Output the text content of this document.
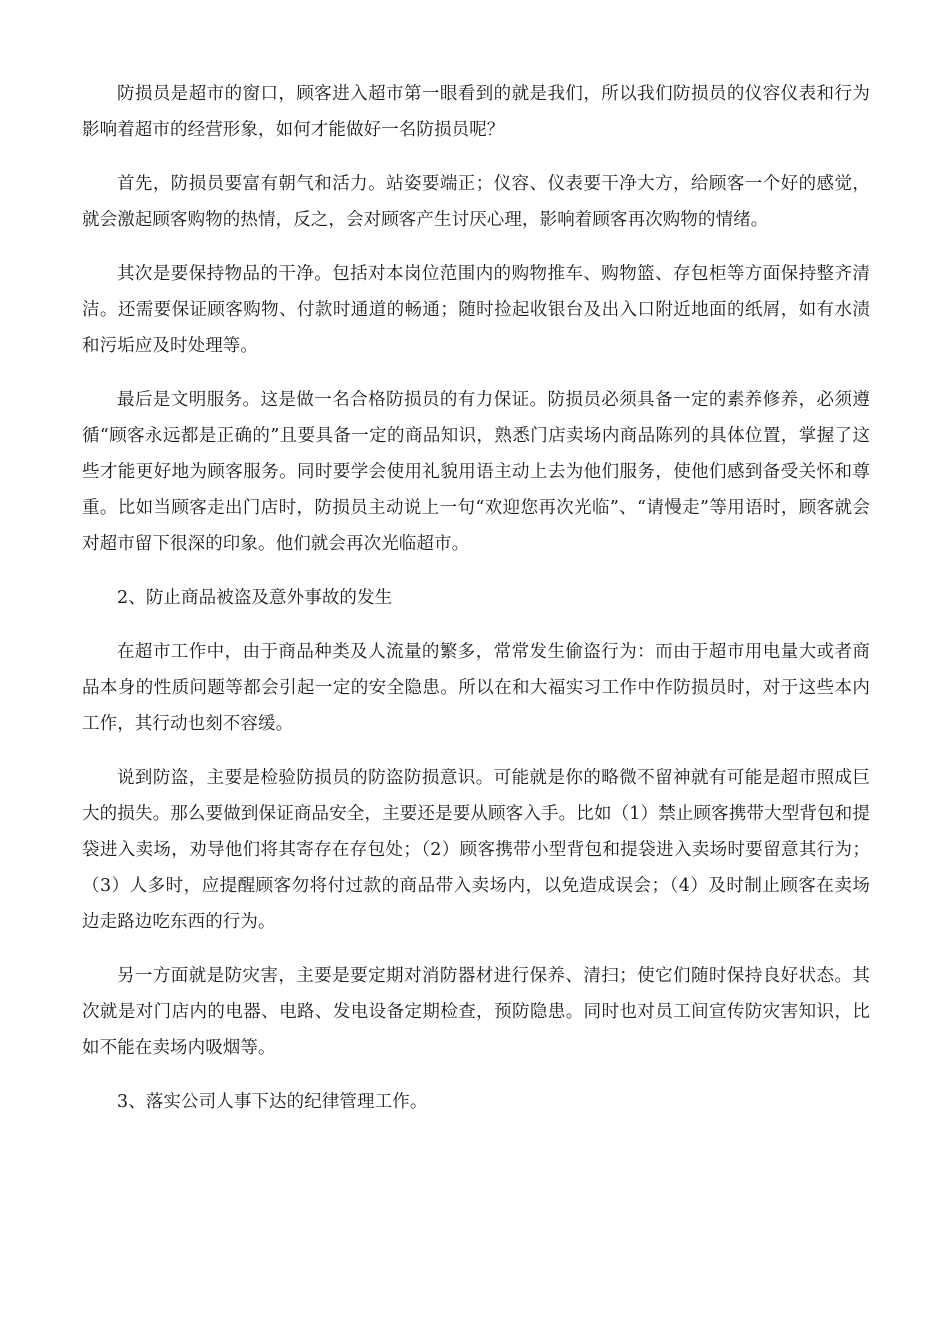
防损员是超市的窗口，顾客进入超市第一眼看到的就是我们，所以我们防损员的仪容仪表和行为影响着超市的经营形象，如何才能做好一名防损员呢？

首先，防损员要富有朝气和活力。站姿要端正；仪容、仪表要干净大方，给顾客一个好的感觉，就会激起顾客购物的热情，反之，会对顾客产生讨厌心理，影响着顾客再次购物的情绪。

其次是要保持物品的干净。包括对本岗位范围内的购物推车、购物篮、存包柜等方面保持整齐清洁。还需要保证顾客购物、付款时通道的畅通；随时捡起收银台及出入口附近地面的纸屑，如有水渍和污垢应及时处理等。

最后是文明服务。这是做一名合格防损员的有力保证。防损员必须具备一定的素养修养，必须遵循“顾客永远都是正确的”且要具备一定的商品知识，熟悉门店卖场内商品陈列的具体位置，掌握了这些才能更好地为顾客服务。同时要学会使用礼貌用语主动上去为他们服务，使他们感到备受关怀和尊重。比如当顾客走出门店时，防损员主动说上一句“欢迎您再次光临”、“请慢走”等用语时，顾客就会对超市留下很深的印象。他们就会再次光临超市。

2、防止商品被盗及意外事故的发生

在超市工作中，由于商品种类及人流量的繁多，常常发生偷盗行为：而由于超市用电量大或者商品本身的性质问题等都会引起一定的安全隐患。所以在和大福实习工作中作防损员时，对于这些本内工作，其行动也刻不容缓。

说到防盗，主要是检验防损员的防盗防损意识。可能就是你的略微不留神就有可能是超市照成巨大的损失。那么要做到保证商品安全，主要还是要从顾客入手。比如（1）禁止顾客携带大型背包和提袋进入卖场，劝导他们将其寄存在存包处；（2）顾客携带小型背包和提袋进入卖场时要留意其行为；（3）人多时，应提醒顾客勿将付过款的商品带入卖场内，以免造成误会；（4）及时制止顾客在卖场边走路边吃东西的行为。

另一方面就是防灾害，主要是要定期对消防器材进行保养、清扫；使它们随时保持良好状态。其次就是对门店内的电器、电路、发电设备定期检查，预防隐患。同时也对员工间宣传防灾害知识，比如不能在卖场内吸烟等。

3、落实公司人事下达的纪律管理工作。
